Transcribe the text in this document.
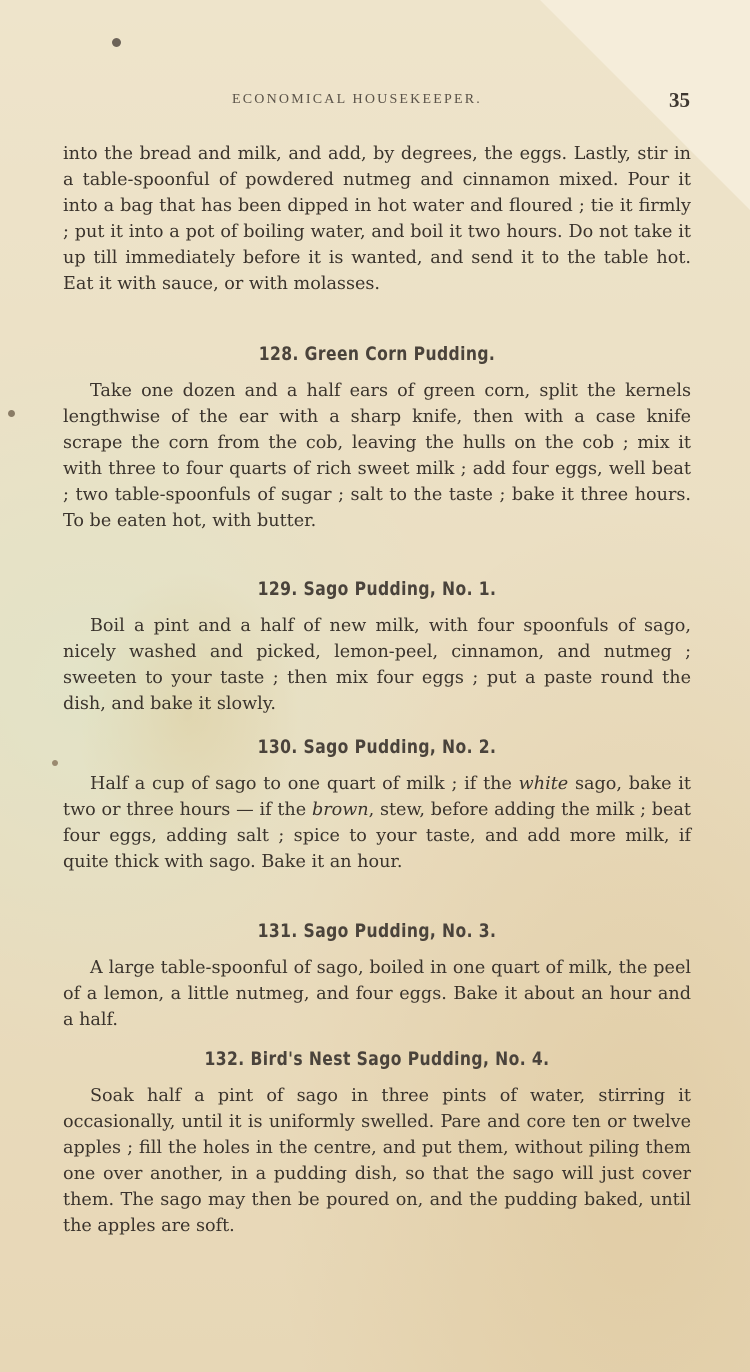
ECONOMICAL HOUSEKEEPER.	35

into the bread and milk, and add, by degrees, the eggs. Lastly, stir in a table-spoonful of powdered nutmeg and cinnamon mixed. Pour it into a bag that has been dipped in hot water and floured ; tie it firmly ; put it into a pot of boiling water, and boil it two hours. Do not take it up till immediately before it is wanted, and send it to the table hot. Eat it with sauce, or with molasses.

128. Green Corn Pudding.

Take one dozen and a half ears of green corn, split the kernels lengthwise of the ear with a sharp knife, then with a case knife scrape the corn from the cob, leaving the hulls on the cob ; mix it with three to four quarts of rich sweet milk ; add four eggs, well beat ; two table-spoonfuls of sugar ; salt to the taste ; bake it three hours. To be eaten hot, with butter.

129. Sago Pudding, No. 1.

Boil a pint and a half of new milk, with four spoonfuls of sago, nicely washed and picked, lemon-peel, cinnamon, and nutmeg ; sweeten to your taste ; then mix four eggs ; put a paste round the dish, and bake it slowly.

130. Sago Pudding, No. 2.

Half a cup of sago to one quart of milk ; if the white sago, bake it two or three hours — if the brown, stew, before adding the milk ; beat four eggs, adding salt ; spice to your taste, and add more milk, if quite thick with sago. Bake it an hour.

131. Sago Pudding, No. 3.

A large table-spoonful of sago, boiled in one quart of milk, the peel of a lemon, a little nutmeg, and four eggs. Bake it about an hour and a half.

132. Bird's Nest Sago Pudding, No. 4.

Soak half a pint of sago in three pints of water, stirring it occasionally, until it is uniformly swelled. Pare and core ten or twelve apples ; fill the holes in the centre, and put them, without piling them one over another, in a pudding dish, so that the sago will just cover them. The sago may then be poured on, and the pudding baked, until the apples are soft.
